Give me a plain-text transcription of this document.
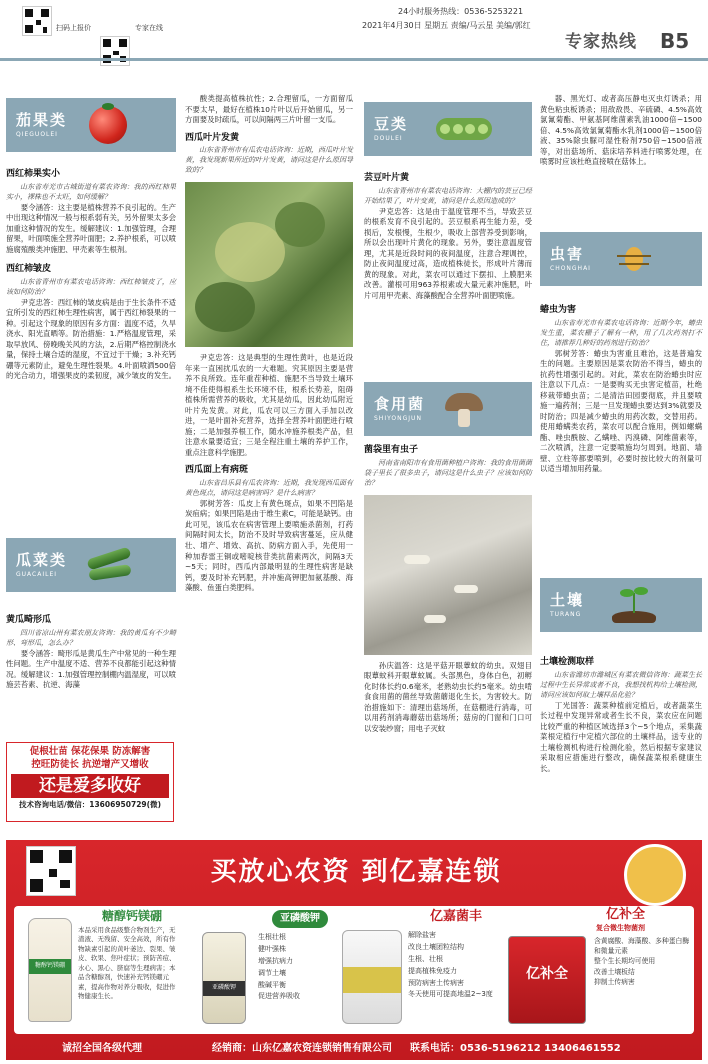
扫码上报价	专家在线
24小时服务热线：0536-5253221
2021年4月30日 星期五 责编/马云星 美编/郭红
专家热线 B5
茄果类
QIEGUOLEI
西红柿果实小
山东省寿光市古城街道有菜农咨询：我的西红柿果实小，裸株也不太旺，如何缓解？
要令涵答：这主要是植株营养不良引起的。生产中出现这种情况一般与根系弱有关，另外留果太多会加重这种情况的发生。缓解建议：1.加强管理，合理留果，叶面喷施全营养叶面肥；2.养护根系，可以喷施腐殖酸类冲施肥、甲壳素等生根剂。
西红柿皱皮
山东省青州市有菜农电话咨询：西红柿皱皮了，应该如何防治？
尹克忠答：西红柿的皱皮病是由于生长条件不适宜所引发的西红柿生理性病害，属于西红柿裂果的一种。引起这个现象的原因有多方面：温度不适，久旱浇水、阳光直晒等。防治措施：1.严格温度管理，采取早放风、傍晚晚关风的方法，2.后期严格控制浇水量，保持土壤合适的湿度，不宜过于干燥；3.补充钙硼等元素防止，避免生理性裂果。4.叶面喷洒500倍的光合动力，增强果皮的柔韧度，减少皱皮的发生。
瓜菜类
GUACAILEI
黄瓜畸形瓜
四川省凉山州有菜农朋友咨询：我的黄瓜有不少畸形、弯形瓜，怎么办？
要令涵答：畸形瓜是黄瓜生产中常见的一种生理性问题。生产中温度不适、营养不良都能引起这种情况。缓解建议：1.加强管理控制棚内温湿度，可以喷施芸苔素、抗逆、海藻
促根壮苗 保花保果 防冻解害
控旺防徒长 抗逆增产又增收
还是爱多收好
技术咨询电话/微信：13606950729(微)
酸类提高植株抗性；2.合理留瓜，一方面留瓜不要太早，最好在植株10片叶以后开始留瓜，另一方面要及时疏瓜，可以间隔两三片叶留一支瓜。
西瓜叶片发黄
山东省青州市有瓜农电话咨询：近期，西瓜叶片发黄，我发现新果所近的叶片发黄，请问这是什么原因导致的？
尹克忠答：这是典型的生理性黄叶，也是近段年来一直困扰瓜农的一大难题。究其原因主要是营养不良所致。连年重茬种植、施肥不当导致土壤环境不佳使得根系生长环境不佳，根系长势差，阻碍植株所需营养的吸收，尤其是幼瓜，因此幼瓜附近叶片先发黄。对此，瓜农可以三方面入手加以改进，一是叶面补充营养，选择全营养叶面肥进行喷施；二是加强养根工作，随水冲施养根类产品，但注意水量要适宜；三是全程注重土壤的养护工作，重点注意科学施肥。
西瓜面上有病斑
山东省昌乐县有瓜农咨询：近期，我发现西瓜面有黄色斑点，请问这是病害吗？是什么病害？
郭树芳答：瓜皮上有黄色斑点，如果不凹陷是炭疽病；如果凹陷是由于维生素C，可能是缺钙。由此可见，该瓜农在病害管理上要喷施杀菌剂，打药间隔时间太长，防治不及时导致病害蔓延，应从健壮、增产、增效、高抗、防病方面入手，先使用一种加春雷王铜或嘧啶核苷类抗菌素两次，间隔3天~5天；同时，西瓜内部最明显的生理性病害是缺钙，要及时补充钙肥，并冲施高钾肥加氨基酸、海藻酸、鱼蛋白类肥料。
豆类
DOULEI
芸豆叶片黄
山东省青州市有菜农电话咨询：大棚内的芸豆已经开始结果了，叶片变黄，请问是什么原因造成的？
尹克忠答：这是由于温度管理不当，导致芸豆的根系发育不良引起的。芸豆根系再生能力差，受损后，发根慢，生根少，吸收上部营养受到影响，所以会出现叶片黄化的现象。另外，要注意温度管理，尤其是近段时间的夜间温度，注意合理调控，防止夜间温度过高，造成植株徒长，形成叶片薄而黄的现象。对此，菜农可以通过下摆扣、上膜肥来改善。灌根可用963养根素或大量元素冲施肥，叶片可用甲壳素、海藻酸配合全营养叶面肥喷施。
食用菌
SHIYONGJUN
菌袋里有虫子
河南省南阳市有食用菌种植户咨询：我的食用菌菌袋子里长了很多虫子，请问这是什么虫子？应该如何防治？
孙庆温答：这是平菇开眼蕈蚊的幼虫。双翅目眼蕈蚊科开眼蕈蚊属。头部黑色，身体白色，初孵化时体长约0.6毫米，老熟幼虫长约5毫米。幼虫啃食食用菌的菌丝导致菌蘑退化生长，为害较大。防治措施如下：清理出菇场所，在菇棚进行消毒，可以用药剂消毒蘑菇出菇场所；菇房的门窗和门口可以安装纱窗；用电子灭蚊
器、黑光灯、或者高压静电灭虫灯诱杀；用黄色粘虫板诱杀；用敌敌畏、辛硫磷、4.5%高效氯氰菊酯、甲氨基阿维菌素乳油1000倍~1500倍、4.5%高效氯氰菊酯水乳剂1000倍~1500倍液、35%除虫脲可湿性粉剂750倍~1500倍液等，对出菇场所、菇床培养料进行喷雾处理，在喷雾时应该杜绝直接喷在菇体上。
虫害
CHONGHAI
蝽虫为害
山东省寿光市有菜农电话咨询：近期今年，蝽虫发生重，菜农棚子了解有一种，用了几次药剂打不住，请推荐几种好的药剂进行防治？
郭树芳答：蝽虫为害重且难治，这是普遍发生的问题。主要原因是菜农防治不得当，蝽虫的抗药性增强引起的。对此，菜农在防治蝽虫时应注意以下几点：一是要购买无虫害定植苗，杜绝移栽带蝽虫苗；二是清洁田园要彻底，并且要喷施一遍药剂；三是一旦发现蝽虫要达到3%就要及时防治；四是减少蝽虫的用药次数，交替用药。使用蝽螨类农药，菜农可以配合施用，例如螺螨酯、唑虫酰胺、乙螨唑、丙溴磷、阿维菌素等，二次喷洒，注意一定要喷施均匀周到。地面、墙壁、立柱等都要喷到，必要时按比较大的剂量可以适当增加用药量。
土壤
TURANG
土壤检测取样
山东省潍坊市潍城区有菜农微信咨询：蔬菜生长过程中生长异常或者不良，我想找机构给土壤检测，请问应该如何取土壤样品化验？
丁光国答：蔬菜种植前定植后，或者蔬菜生长过程中发现异常或者生长不良，菜农应在问题比较严重的种植区域选择3个~5个地点，采集蔬菜根定植行中定植穴部位的土壤样品，送专业的土壤检测机构进行检测化验，然后根据专家建议采取相应措施进行整改，确保蔬菜根系健康生长。
买放心农资 到亿嘉连锁
糖醇钙镁硼
糖醇钙镁硼
本品采用食品级整合物剂生产，无渣液、无残留、安全高效，所有作物缺素引起的黄叶萎边、裂果、皱皮、软果、焦叶症状；预防苦痘、水心、黑心、脐腐等生理病害；本品含糖醇剂，快速补充钙镁硼元素，提高作物对养分吸收，促进作物健康生长。
亚磷酸钾
亚磷酸钾
生根壮根
健叶强株
增强抗病力
调节土壤
酸碱平衡
促进营养吸收
亿嘉菌丰
解除盐害
改良土壤团粒结构
生根、壮根
提高植株免疫力
预防病害土传病害
冬天使用可提高地温2~3度
亿补全
亿补全
复合微生物菌剂
含黄腐酸、海藻酸、多种蛋白酶和微量元素
整个生长期均可使用
改善土壤板结
抑制土传病害
诚招全国各级代理	经销商：山东亿嘉农资连锁销售有限公司 联系电话：0536-5196212 13406461552
